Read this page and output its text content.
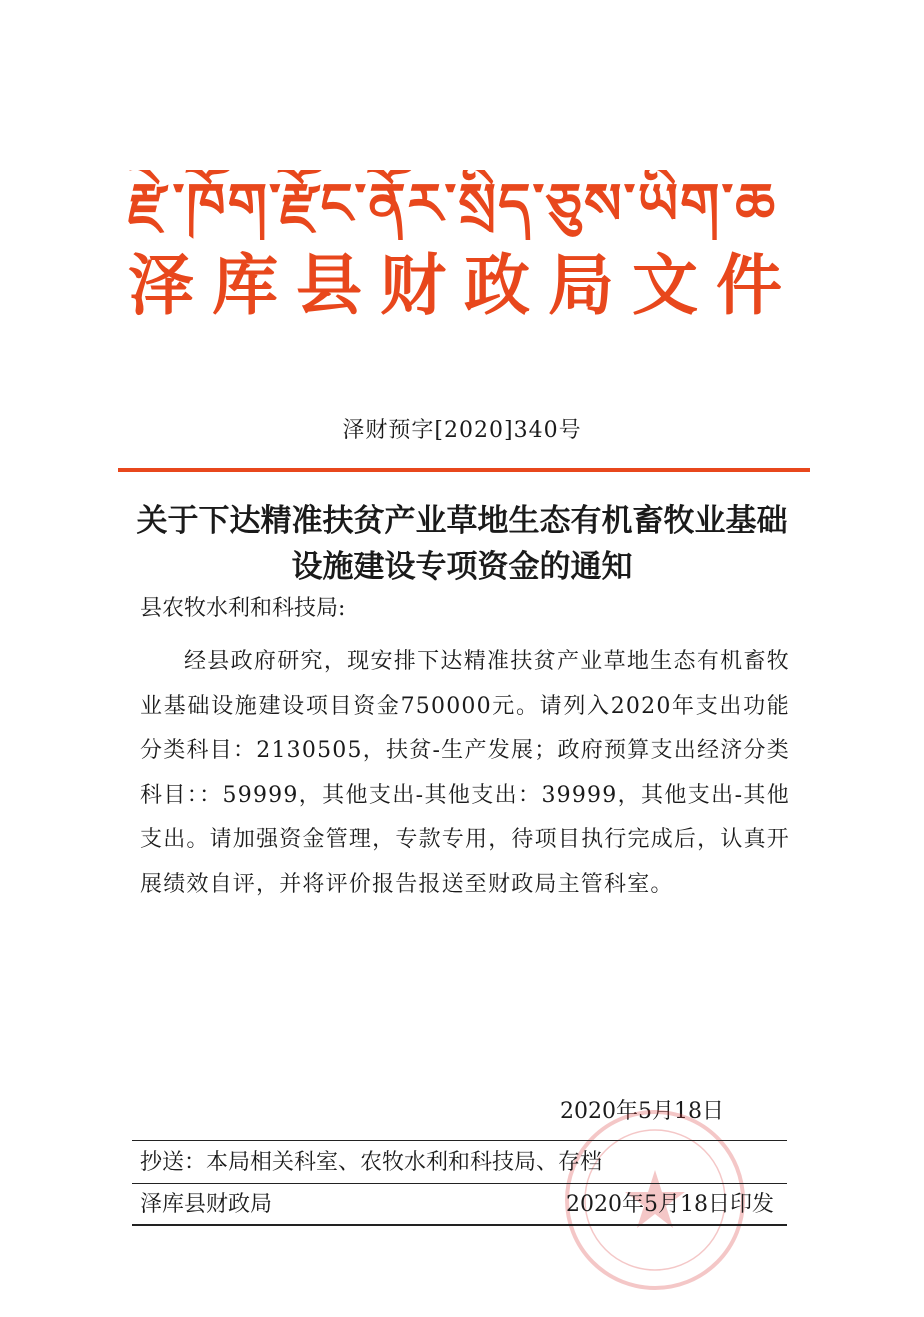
རྫེ་ཁོག་རྫོང་ནོར་སྲིད་ཅུས་ཡིག་ཆ
泽库县财政局文件
泽财预字[2020]340号
关于下达精准扶贫产业草地生态有机畜牧业基础设施建设专项资金的通知
县农牧水利和科技局:
经县政府研究，现安排下达精准扶贫产业草地生态有机畜牧业基础设施建设项目资金750000元。请列入2020年支出功能分类科目：2130505，扶贫-生产发展；政府预算支出经济分类科目：：59999，其他支出-其他支出：39999，其他支出-其他支出。请加强资金管理，专款专用，待项目执行完成后，认真开展绩效自评，并将评价报告报送至财政局主管科室。
2020年5月18日
抄送：本局相关科室、农牧水利和科技局、存档
泽库县财政局	2020年5月18日印发
